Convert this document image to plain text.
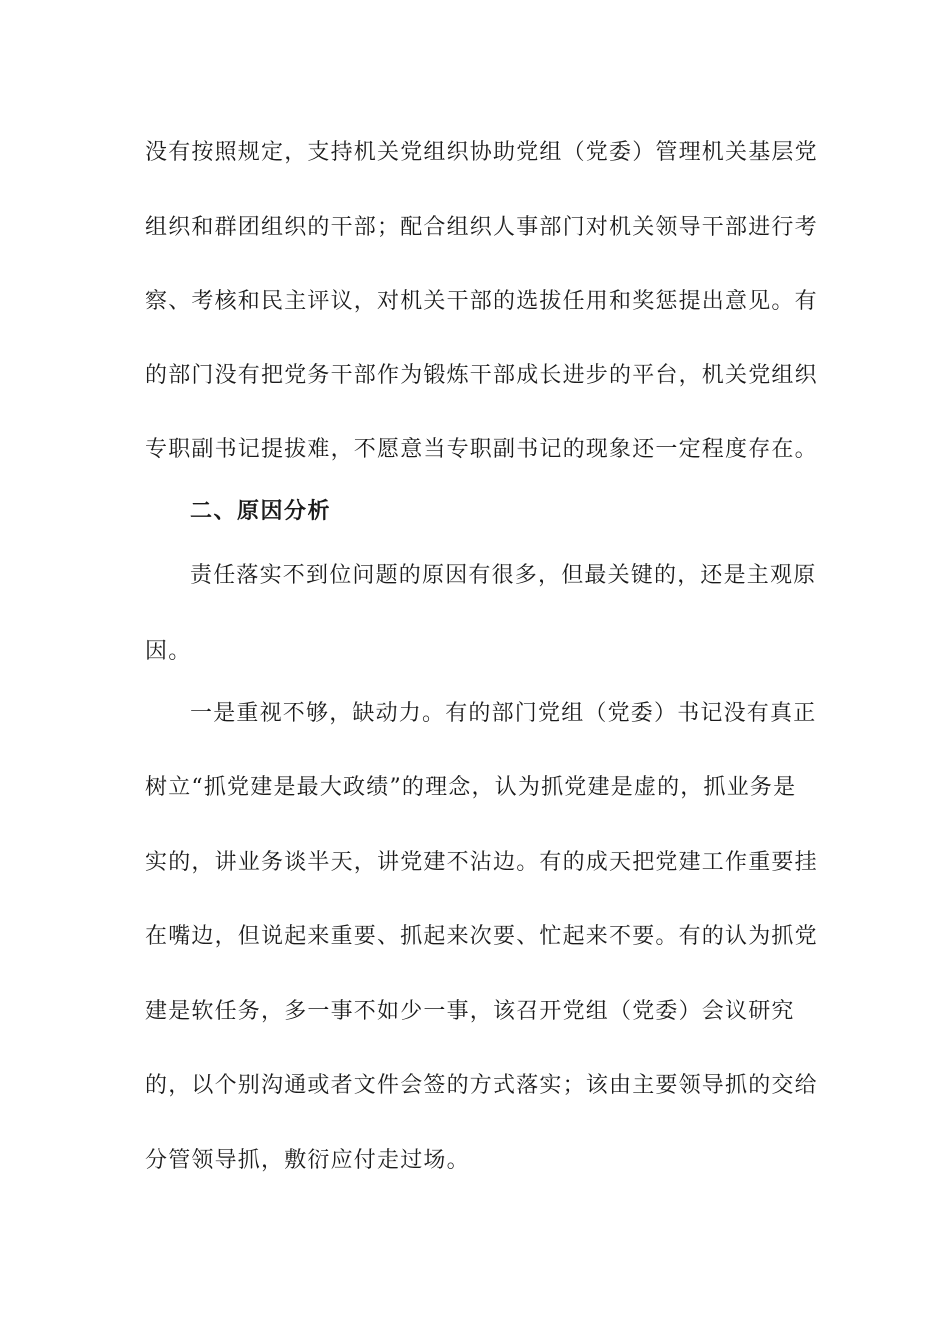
没有按照规定，支持机关党组织协助党组（党委）管理机关基层党
组织和群团组织的干部；配合组织人事部门对机关领导干部进行考
察、考核和民主评议，对机关干部的选拔任用和奖惩提出意见。有
的部门没有把党务干部作为锻炼干部成长进步的平台，机关党组织
专职副书记提拔难，不愿意当专职副书记的现象还一定程度存在。
二、原因分析
责任落实不到位问题的原因有很多，但最关键的，还是主观原
因。
一是重视不够，缺动力。有的部门党组（党委）书记没有真正
树立“抓党建是最大政绩”的理念，认为抓党建是虚的，抓业务是
实的，讲业务谈半天，讲党建不沾边。有的成天把党建工作重要挂
在嘴边，但说起来重要、抓起来次要、忙起来不要。有的认为抓党
建是软任务，多一事不如少一事，该召开党组（党委）会议研究
的，以个别沟通或者文件会签的方式落实；该由主要领导抓的交给
分管领导抓，敷衍应付走过场。
